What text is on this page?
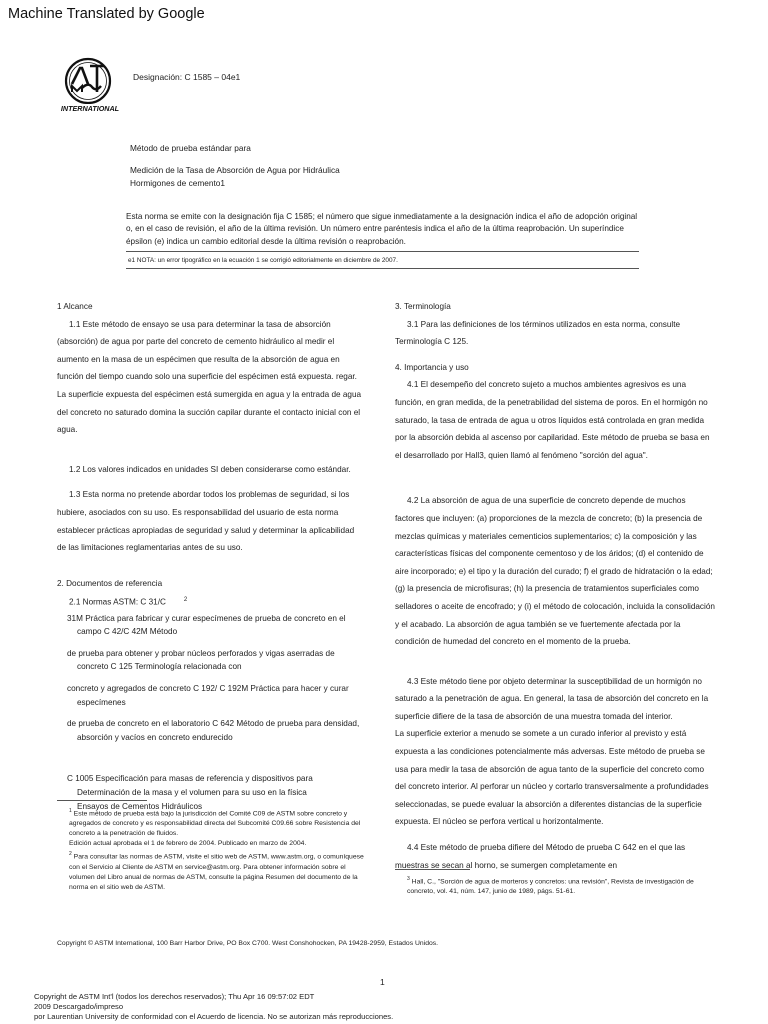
Machine Translated by Google
INTERNATIONAL
Designación: C 1585 – 04e1
Método de prueba estándar para
Medición de la Tasa de Absorción de Agua por Hidráulica
Hormigones de cemento1
Esta norma se emite con la designación fija C 1585; el número que sigue inmediatamente a la designación indica el año de adopción original o, en el caso de revisión, el año de la última revisión. Un número entre paréntesis indica el año de la última reaprobación. Un superíndice épsilon (e) indica un cambio editorial desde la última revisión o reaprobación.
e1 NOTA: un error tipográfico en la ecuación 1 se corrigió editorialmente en diciembre de 2007.

1 Alcance

1.1 Este método de ensayo se usa para determinar la tasa de absorción

(absorción) de agua por parte del concreto de cemento hidráulico al medir el aumento en la masa de un espécimen que resulta de la absorción de agua en función del tiempo cuando solo una superficie del espécimen está expuesta. regar. La superficie expuesta del espécimen está sumergida en agua y la entrada de agua del concreto no saturado domina la succión capilar durante el contacto inicial con el agua.

1.2 Los valores indicados en unidades SI deben considerarse como estándar.

1.3 Esta norma no pretende abordar todos los problemas de seguridad, si los hubiere, asociados con su uso. Es responsabilidad del usuario de esta norma establecer prácticas apropiadas de seguridad y salud y determinar la aplicabilidad de las limitaciones reglamentarias antes de su uso.

2. Documentos de referencia

2.1 Normas ASTM: C 31/C	$^2$

31M Práctica para fabricar y curar especímenes de prueba de concreto en el campo C 42/C 42M Método

de prueba para obtener y probar núcleos perforados y vigas aserradas de concreto C 125 Terminología relacionada con

concreto y agregados de concreto C 192/ C 192M Práctica para hacer y curar especímenes

de prueba de concreto en el laboratorio C 642 Método de prueba para densidad, absorción y vacíos en concreto endurecido

C 1005 Especificación para masas de referencia y dispositivos para

Determinación de la masa y el volumen para su uso en la física

Ensayos de Cementos Hidráulicos

3. Terminología

3.1 Para las definiciones de los términos utilizados en esta norma, consulte Terminología C 125.

4. Importancia y uso

4.1 El desempeño del concreto sujeto a muchos ambientes agresivos es una función, en gran medida, de la penetrabilidad del sistema de poros. En el hormigón no saturado, la tasa de entrada de agua u otros líquidos está controlada en gran medida por la absorción debida al ascenso por capilaridad. Este método de prueba se basa en el desarrollado por Hall3, quien llamó al fenómeno "sorción del agua".

4.2 La absorción de agua de una superficie de concreto depende de muchos factores que incluyen: (a) proporciones de la mezcla de concreto; (b) la presencia de mezclas químicas y materiales cementicios suplementarios; c) la composición y las características físicas del componente cementoso y de los áridos; (d) el contenido de aire incorporado; e) el tipo y la duración del curado; f) el grado de hidratación o la edad; (g) la presencia de microfisuras; (h) la presencia de tratamientos superficiales como selladores o aceite de encofrado; y (i) el método de colocación, incluida la consolidación y el acabado. La absorción de agua también se ve fuertemente afectada por la condición de humedad del concreto en el momento de la prueba.

4.3 Este método tiene por objeto determinar la susceptibilidad de un hormigón no saturado a la penetración de agua. En general, la tasa de absorción del concreto en la superficie difiere de la tasa de absorción de una muestra tomada del interior.

La superficie exterior a menudo se somete a un curado inferior al previsto y está expuesta a las condiciones potencialmente más adversas. Este método de prueba se usa para medir la tasa de absorción de agua tanto de la superficie del concreto como del concreto interior. Al perforar un núcleo y cortarlo transversalmente a profundidades seleccionadas, se puede evaluar la absorción a diferentes distancias de la superficie expuesta. El núcleo se perfora vertical u horizontalmente.

4.4 Este método de prueba difiere del Método de prueba C 642 en el que las muestras se secan al horno, se sumergen completamente en

$^1$ Este método de prueba está bajo la jurisdicción del Comité C09 de ASTM sobre concreto y agregados de concreto y es responsabilidad directa del Subcomité C09.66 sobre Resistencia del concreto a la penetración de fluidos.

Edición actual aprobada el 1 de febrero de 2004. Publicado en marzo de 2004.

$^2$ Para consultar las normas de ASTM, visite el sitio web de ASTM, www.astm.org, o comuníquese con el Servicio al Cliente de ASTM en service@astm.org. Para obtener información sobre el volumen del Libro anual de normas de ASTM, consulte la página Resumen del documento de la norma en el sitio web de ASTM.

$^3$ Hall, C., "Sorción de agua de morteros y concretos: una revisión", Revista de investigación de concreto, vol. 41, núm. 147, junio de 1989, págs. 51-61.

Copyright © ASTM International, 100 Barr Harbor Drive, PO Box C700. West Conshohocken, PA 19428-2959, Estados Unidos.
1
Copyright de ASTM Int'l (todos los derechos reservados); Thu Apr 16 09:57:02 EDT
2009 Descargado/impreso
por Laurentian University de conformidad con el Acuerdo de licencia. No se autorizan más reproducciones.
